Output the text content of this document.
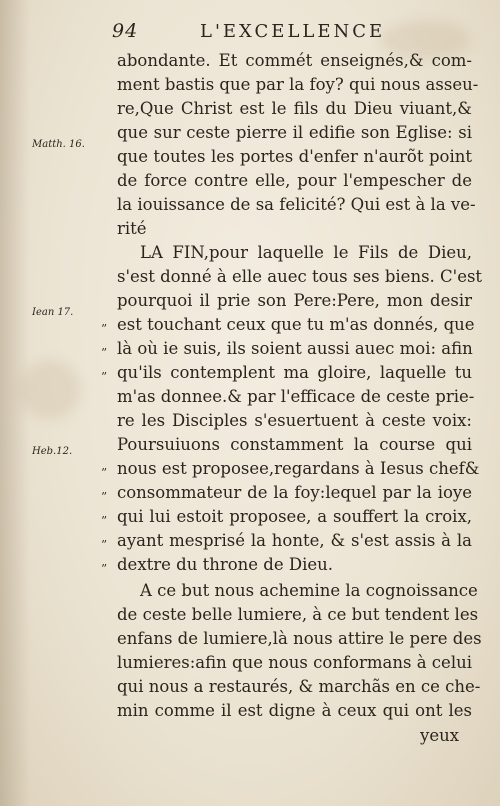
94	L'EXCELLENCE
Matth. 16.
Iean 17.
Heb.12.
”
”
”
”
”
”
”
”
abondante. Et commét enseignés,& com-
ment bastis que par la foy? qui nous asseu-
re,Que Christ est le fils du Dieu viuant,&
que sur ceste pierre il edifie son Eglise: si
que toutes les portes d'enfer n'aurõt point
de force contre elle, pour l'empescher de
la iouissance de sa felicité? Qui est à la ve-
rité
LA FIN,pour laquelle le Fils de Dieu,
s'est donné à elle auec tous ses biens. C'est
pourquoi il prie son Pere:Pere, mon desir
est touchant ceux que tu m'as donnés, que
là où ie suis, ils soient aussi auec moi: afin
qu'ils contemplent ma gloire, laquelle tu
m'as donnee.& par l'efficace de ceste prie-
re les Disciples s'esuertuent à ceste voix:
Poursuiuons constamment la course qui
nous est proposee,regardans à Iesus chef&
consommateur de la foy:lequel par la ioye
qui lui estoit proposee, a souffert la croix,
ayant mesprisé la honte, & s'est assis à la
dextre du throne de Dieu.
A ce but nous achemine la cognoissance
de ceste belle lumiere, à ce but tendent les
enfans de lumiere,là nous attire le pere des
lumieres:afin que nous conformans à celui
qui nous a restaurés, & marchãs en ce che-
min comme il est digne à ceux qui ont les
yeux
